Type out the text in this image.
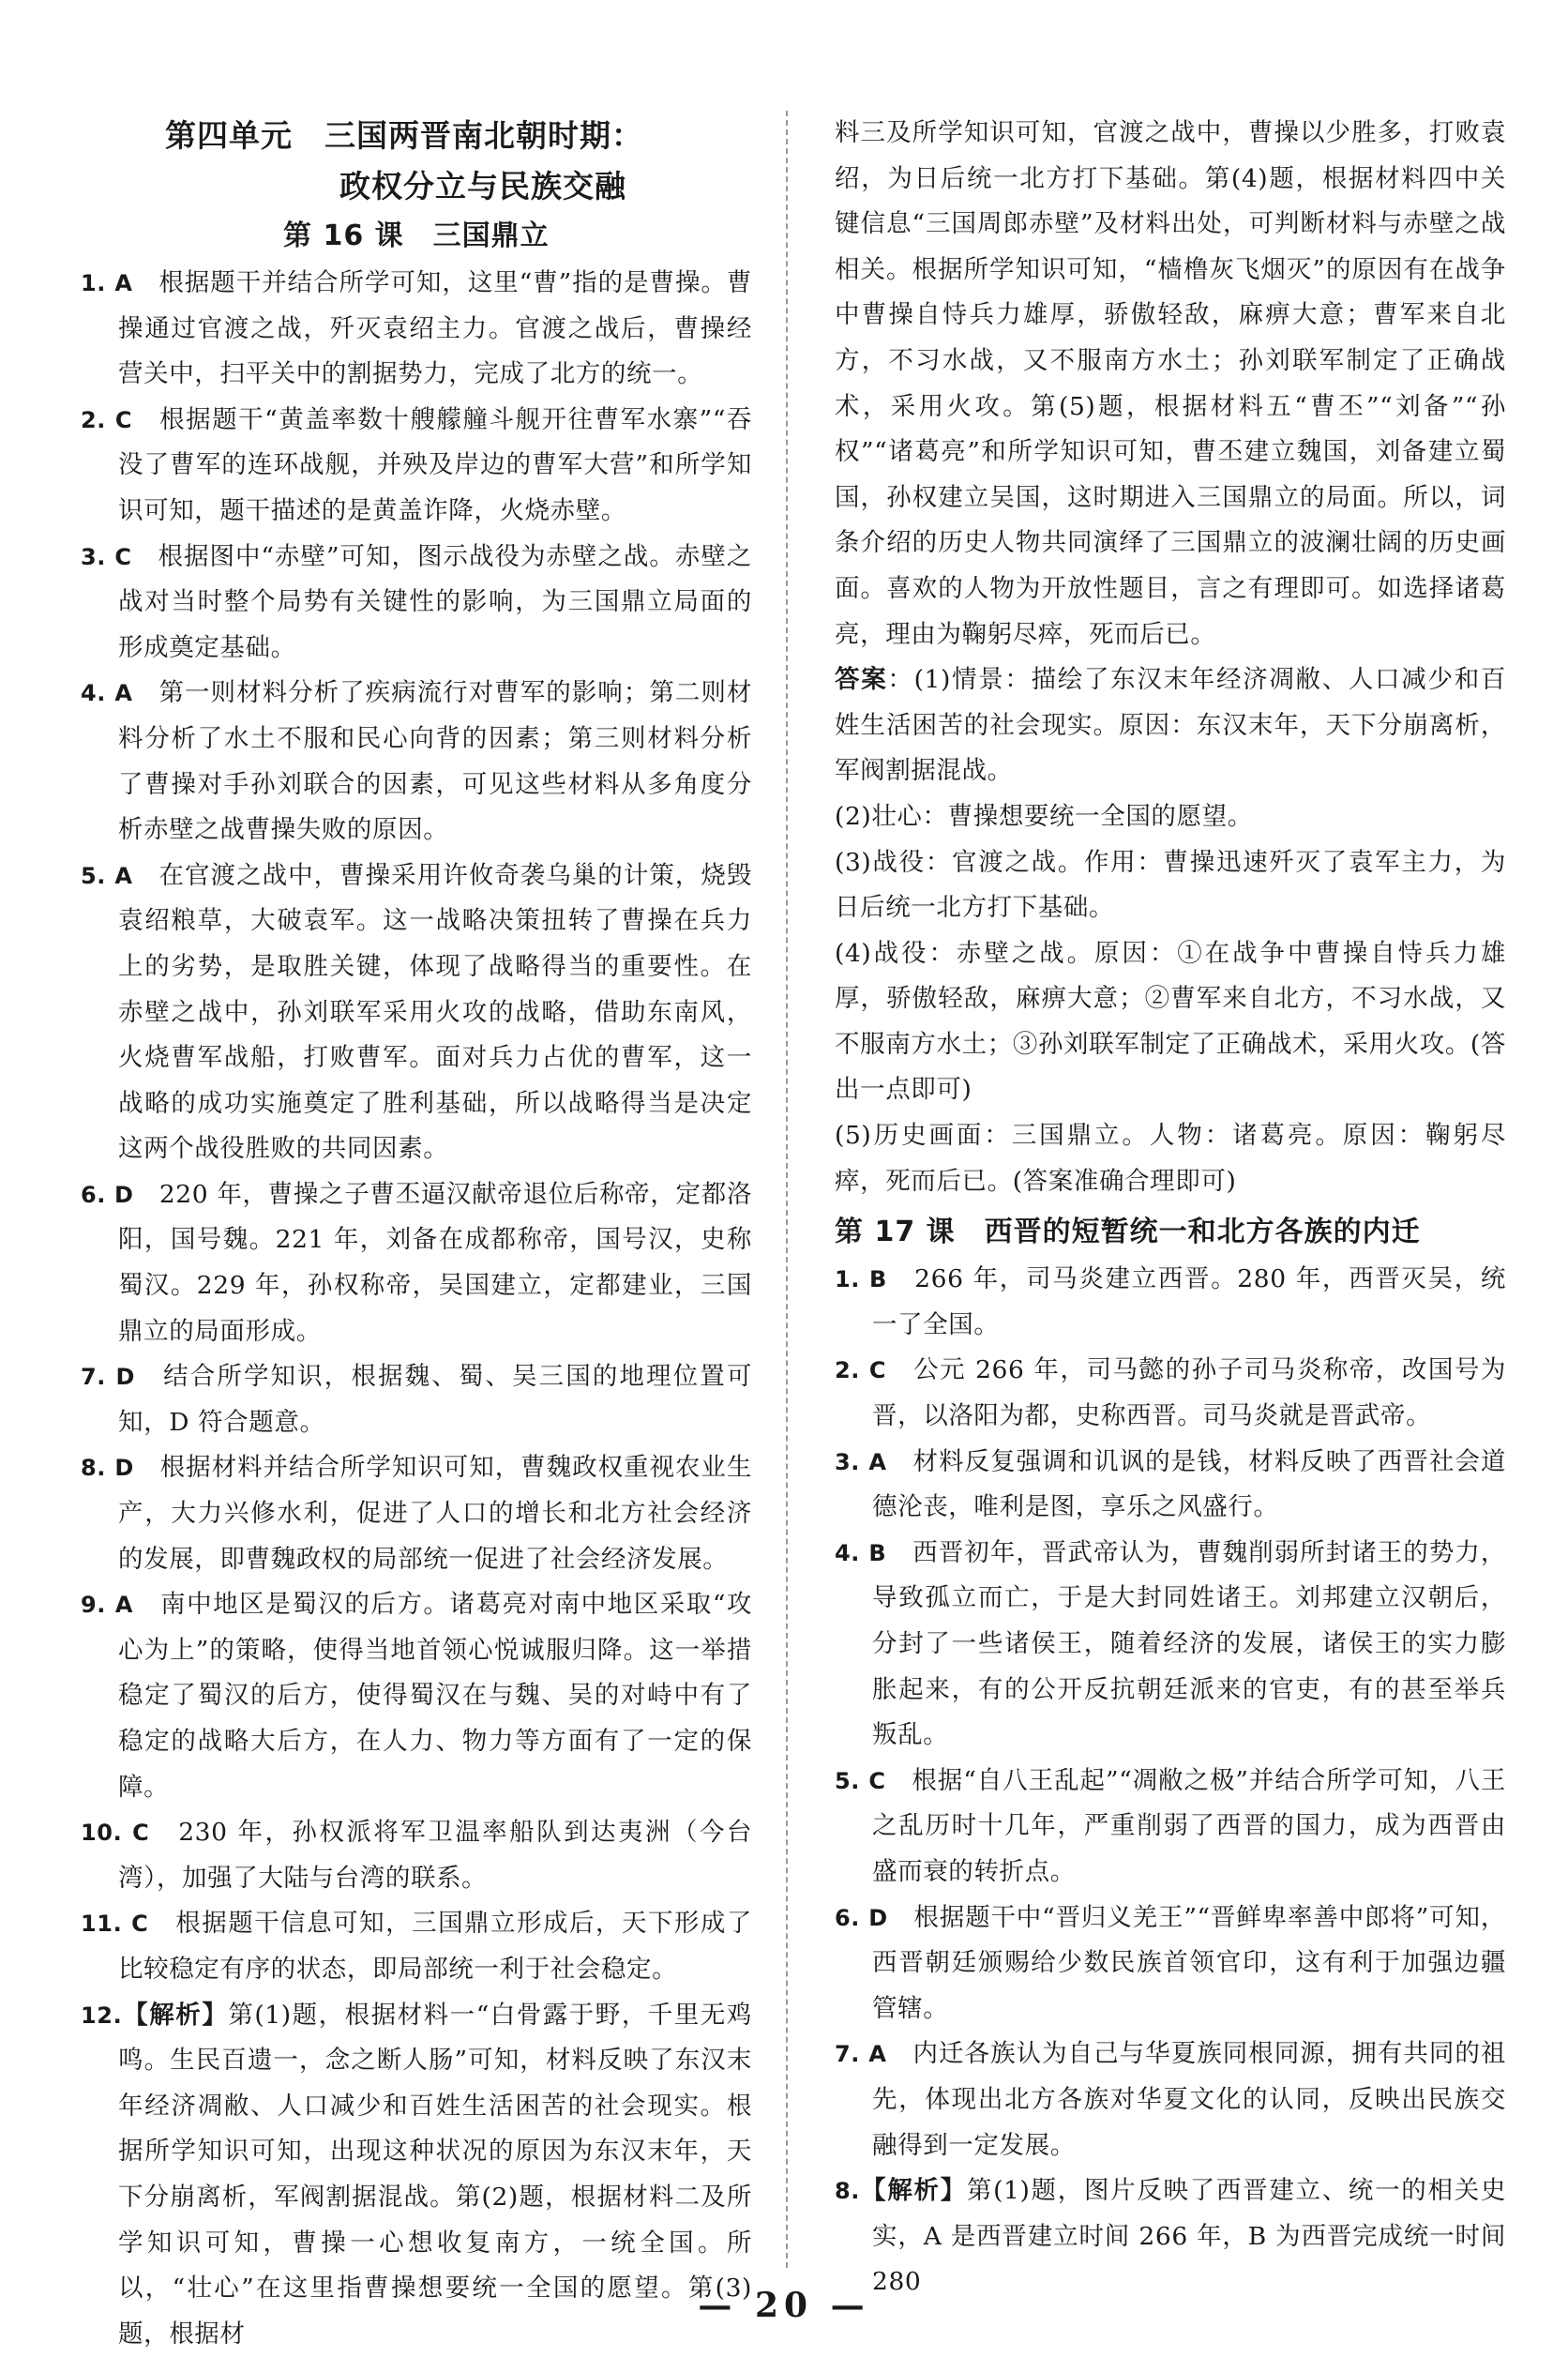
第四单元　三国两晋南北朝时期：
政权分立与民族交融
第 16 课　三国鼎立
1. A　根据题干并结合所学可知，这里“曹”指的是曹操。曹操通过官渡之战，歼灭袁绍主力。官渡之战后，曹操经营关中，扫平关中的割据势力，完成了北方的统一。
2. C　根据题干“黄盖率数十艘艨艟斗舰开往曹军水寨”“吞没了曹军的连环战舰，并殃及岸边的曹军大营”和所学知识可知，题干描述的是黄盖诈降，火烧赤壁。
3. C　根据图中“赤壁”可知，图示战役为赤壁之战。赤壁之战对当时整个局势有关键性的影响，为三国鼎立局面的形成奠定基础。
4. A　第一则材料分析了疾病流行对曹军的影响；第二则材料分析了水土不服和民心向背的因素；第三则材料分析了曹操对手孙刘联合的因素，可见这些材料从多角度分析赤壁之战曹操失败的原因。
5. A　在官渡之战中，曹操采用许攸奇袭乌巢的计策，烧毁袁绍粮草，大破袁军。这一战略决策扭转了曹操在兵力上的劣势，是取胜关键，体现了战略得当的重要性。在赤壁之战中，孙刘联军采用火攻的战略，借助东南风，火烧曹军战船，打败曹军。面对兵力占优的曹军，这一战略的成功实施奠定了胜利基础，所以战略得当是决定这两个战役胜败的共同因素。
6. D　220 年，曹操之子曹丕逼汉献帝退位后称帝，定都洛阳，国号魏。221 年，刘备在成都称帝，国号汉，史称蜀汉。229 年，孙权称帝，吴国建立，定都建业，三国鼎立的局面形成。
7. D　结合所学知识，根据魏、蜀、吴三国的地理位置可知，D 符合题意。
8. D　根据材料并结合所学知识可知，曹魏政权重视农业生产，大力兴修水利，促进了人口的增长和北方社会经济的发展，即曹魏政权的局部统一促进了社会经济发展。
9. A　南中地区是蜀汉的后方。诸葛亮对南中地区采取“攻心为上”的策略，使得当地首领心悦诚服归降。这一举措稳定了蜀汉的后方，使得蜀汉在与魏、吴的对峙中有了稳定的战略大后方，在人力、物力等方面有了一定的保障。
10. C　230 年，孙权派将军卫温率船队到达夷洲（今台湾），加强了大陆与台湾的联系。
11. C　根据题干信息可知，三国鼎立形成后，天下形成了比较稳定有序的状态，即局部统一利于社会稳定。
12.【解析】第(1)题，根据材料一“白骨露于野，千里无鸡鸣。生民百遗一，念之断人肠”可知，材料反映了东汉末年经济凋敝、人口减少和百姓生活困苦的社会现实。根据所学知识可知，出现这种状况的原因为东汉末年，天下分崩离析，军阀割据混战。第(2)题，根据材料二及所学知识可知，曹操一心想收复南方，一统全国。所以，“壮心”在这里指曹操想要统一全国的愿望。第(3)题，根据材
料三及所学知识可知，官渡之战中，曹操以少胜多，打败袁绍，为日后统一北方打下基础。第(4)题，根据材料四中关键信息“三国周郎赤壁”及材料出处，可判断材料与赤壁之战相关。根据所学知识可知，“樯橹灰飞烟灭”的原因有在战争中曹操自恃兵力雄厚，骄傲轻敌，麻痹大意；曹军来自北方，不习水战，又不服南方水土；孙刘联军制定了正确战术，采用火攻。第(5)题，根据材料五“曹丕”“刘备”“孙权”“诸葛亮”和所学知识可知，曹丕建立魏国，刘备建立蜀国，孙权建立吴国，这时期进入三国鼎立的局面。所以，词条介绍的历史人物共同演绎了三国鼎立的波澜壮阔的历史画面。喜欢的人物为开放性题目，言之有理即可。如选择诸葛亮，理由为鞠躬尽瘁，死而后已。
答案：(1)情景：描绘了东汉末年经济凋敝、人口减少和百姓生活困苦的社会现实。原因：东汉末年，天下分崩离析，军阀割据混战。
(2)壮心：曹操想要统一全国的愿望。
(3)战役：官渡之战。作用：曹操迅速歼灭了袁军主力，为日后统一北方打下基础。
(4)战役：赤壁之战。原因：①在战争中曹操自恃兵力雄厚，骄傲轻敌，麻痹大意；②曹军来自北方，不习水战，又不服南方水土；③孙刘联军制定了正确战术，采用火攻。(答出一点即可)
(5)历史画面：三国鼎立。人物：诸葛亮。原因：鞠躬尽瘁，死而后已。(答案准确合理即可)
第 17 课　西晋的短暂统一和北方各族的内迁
1. B　266 年，司马炎建立西晋。280 年，西晋灭吴，统一了全国。
2. C　公元 266 年，司马懿的孙子司马炎称帝，改国号为晋，以洛阳为都，史称西晋。司马炎就是晋武帝。
3. A　材料反复强调和讥讽的是钱，材料反映了西晋社会道德沦丧，唯利是图，享乐之风盛行。
4. B　西晋初年，晋武帝认为，曹魏削弱所封诸王的势力，导致孤立而亡，于是大封同姓诸王。刘邦建立汉朝后，分封了一些诸侯王，随着经济的发展，诸侯王的实力膨胀起来，有的公开反抗朝廷派来的官吏，有的甚至举兵叛乱。
5. C　根据“自八王乱起”“凋敝之极”并结合所学可知，八王之乱历时十几年，严重削弱了西晋的国力，成为西晋由盛而衰的转折点。
6. D　根据题干中“晋归义羌王”“晋鲜卑率善中郎将”可知，西晋朝廷颁赐给少数民族首领官印，这有利于加强边疆管辖。
7. A　内迁各族认为自己与华夏族同根同源，拥有共同的祖先，体现出北方各族对华夏文化的认同，反映出民族交融得到一定发展。
8.【解析】第(1)题，图片反映了西晋建立、统一的相关史实，A 是西晋建立时间 266 年，B 为西晋完成统一时间 280
— 20 —
